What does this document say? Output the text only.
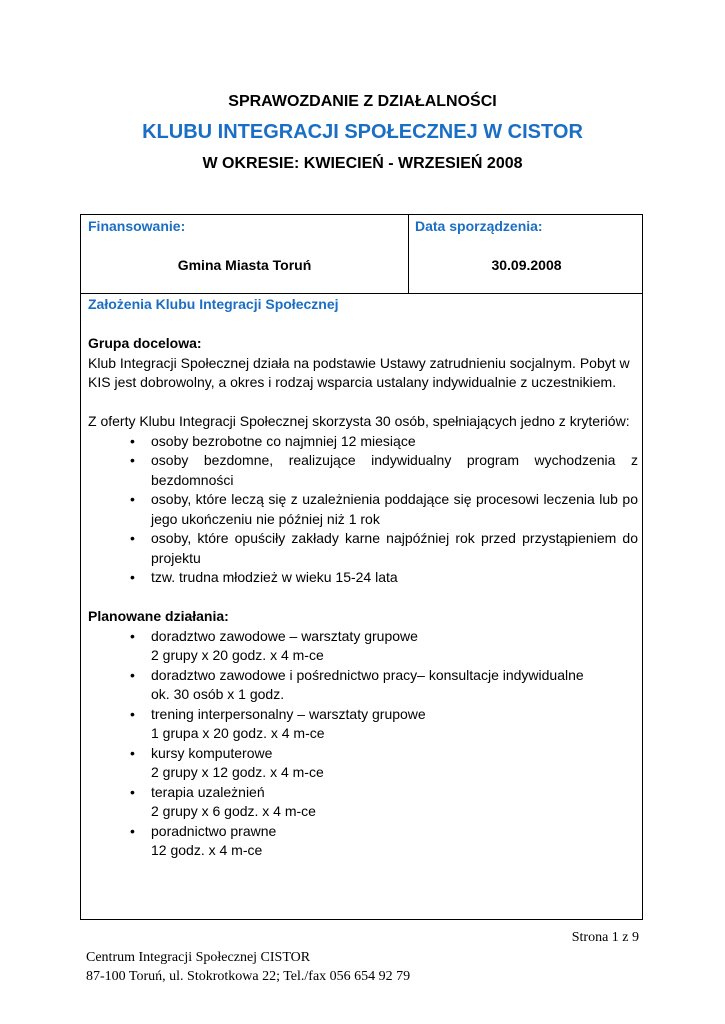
SPRAWOZDANIE Z DZIAŁALNOŚCI
KLUBU INTEGRACJI SPOŁECZNEJ W CISTOR
W OKRESIE: KWIECIEŃ - WRZESIEŃ 2008
Finansowanie:
Gmina Miasta Toruń
Data sporządzenia:
30.09.2008
Założenia Klubu Integracji Społecznej
Grupa docelowa:
Klub Integracji Społecznej działa na podstawie Ustawy zatrudnieniu socjalnym. Pobyt w KIS jest dobrowolny, a okres i rodzaj wsparcia ustalany indywidualnie z uczestnikiem.
Z oferty Klubu Integracji Społecznej skorzysta 30 osób, spełniających jedno z kryteriów:
• osoby bezrobotne co najmniej 12 miesiące
• osoby bezdomne, realizujące indywidualny program wychodzenia z bezdomności
• osoby, które leczą się z uzależnienia poddające się procesowi leczenia lub po jego ukończeniu nie później niż 1 rok
• osoby, które opuściły zakłady karne najpóźniej rok przed przystąpieniem do projektu
• tzw. trudna młodzież w wieku 15-24 lata
Planowane działania:
• doradztwo zawodowe – warsztaty grupowe
2 grupy x 20 godz. x 4 m-ce
• doradztwo zawodowe i pośrednictwo pracy– konsultacje indywidualne
ok. 30 osób x 1 godz.
• trening interpersonalny – warsztaty grupowe
1 grupa x 20 godz. x 4 m-ce
• kursy komputerowe
2 grupy x 12 godz. x 4 m-ce
• terapia uzależnień
2 grupy x 6 godz. x 4 m-ce
• poradnictwo prawne
12 godz. x 4 m-ce
Strona 1 z 9
Centrum Integracji Społecznej CISTOR
87-100 Toruń, ul. Stokrotkowa 22; Tel./fax 056 654 92 79
